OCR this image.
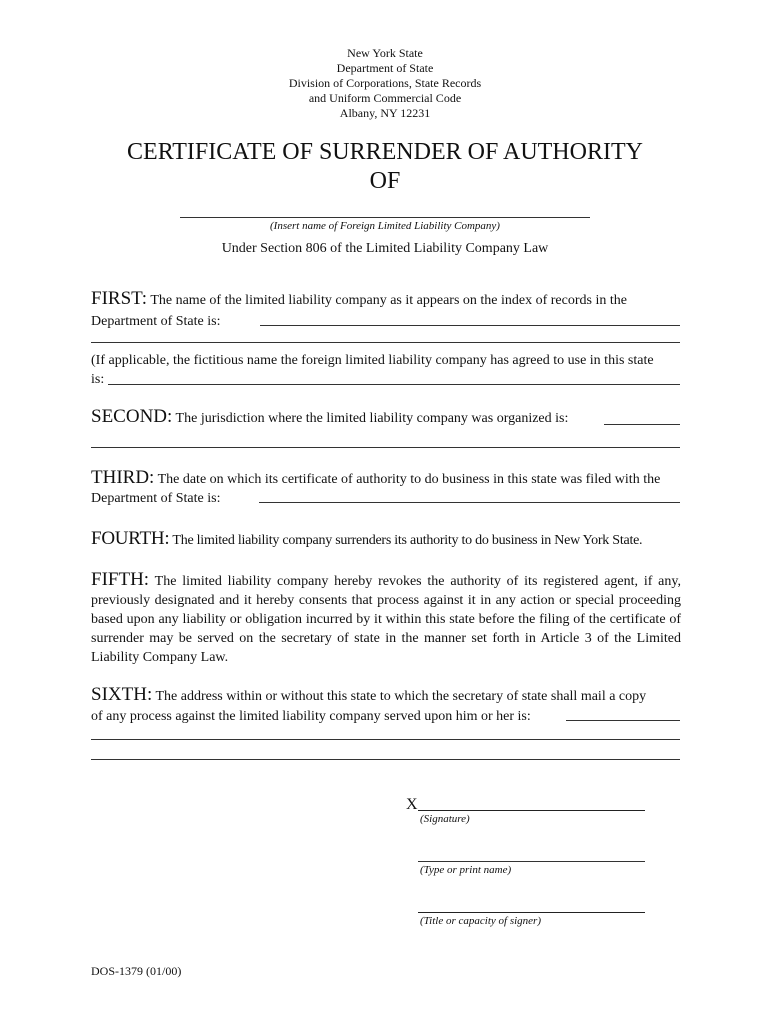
New York State
Department of State
Division of Corporations, State Records
and Uniform Commercial Code
Albany, NY 12231
CERTIFICATE OF SURRENDER OF AUTHORITY
OF
(Insert name of Foreign Limited Liability Company)
Under Section 806 of the Limited Liability Company Law
FIRST: The name of the limited liability company as it appears on the index of records in the
Department of State is:
(If applicable, the fictitious name the foreign limited liability company has agreed to use in this state
is:
SECOND: The jurisdiction where the limited liability company was organized is:
THIRD: The date on which its certificate of authority to do business in this state was filed with the
Department of State is:
FOURTH: The limited liability company surrenders its authority to do business in New York State.
FIFTH: The limited liability company hereby revokes the authority of its registered agent, if any, previously designated and it hereby consents that process against it in any action or special proceeding based upon any liability or obligation incurred by it within this state before the filing of the certificate of surrender may be served on the secretary of state in the manner set forth in Article 3 of the Limited Liability Company Law.
SIXTH: The address within or without this state to which the secretary of state shall mail a copy
of any process against the limited liability company served upon him or her is:
X
(Signature)
(Type or print name)
(Title or capacity of signer)
DOS-1379 (01/00)
